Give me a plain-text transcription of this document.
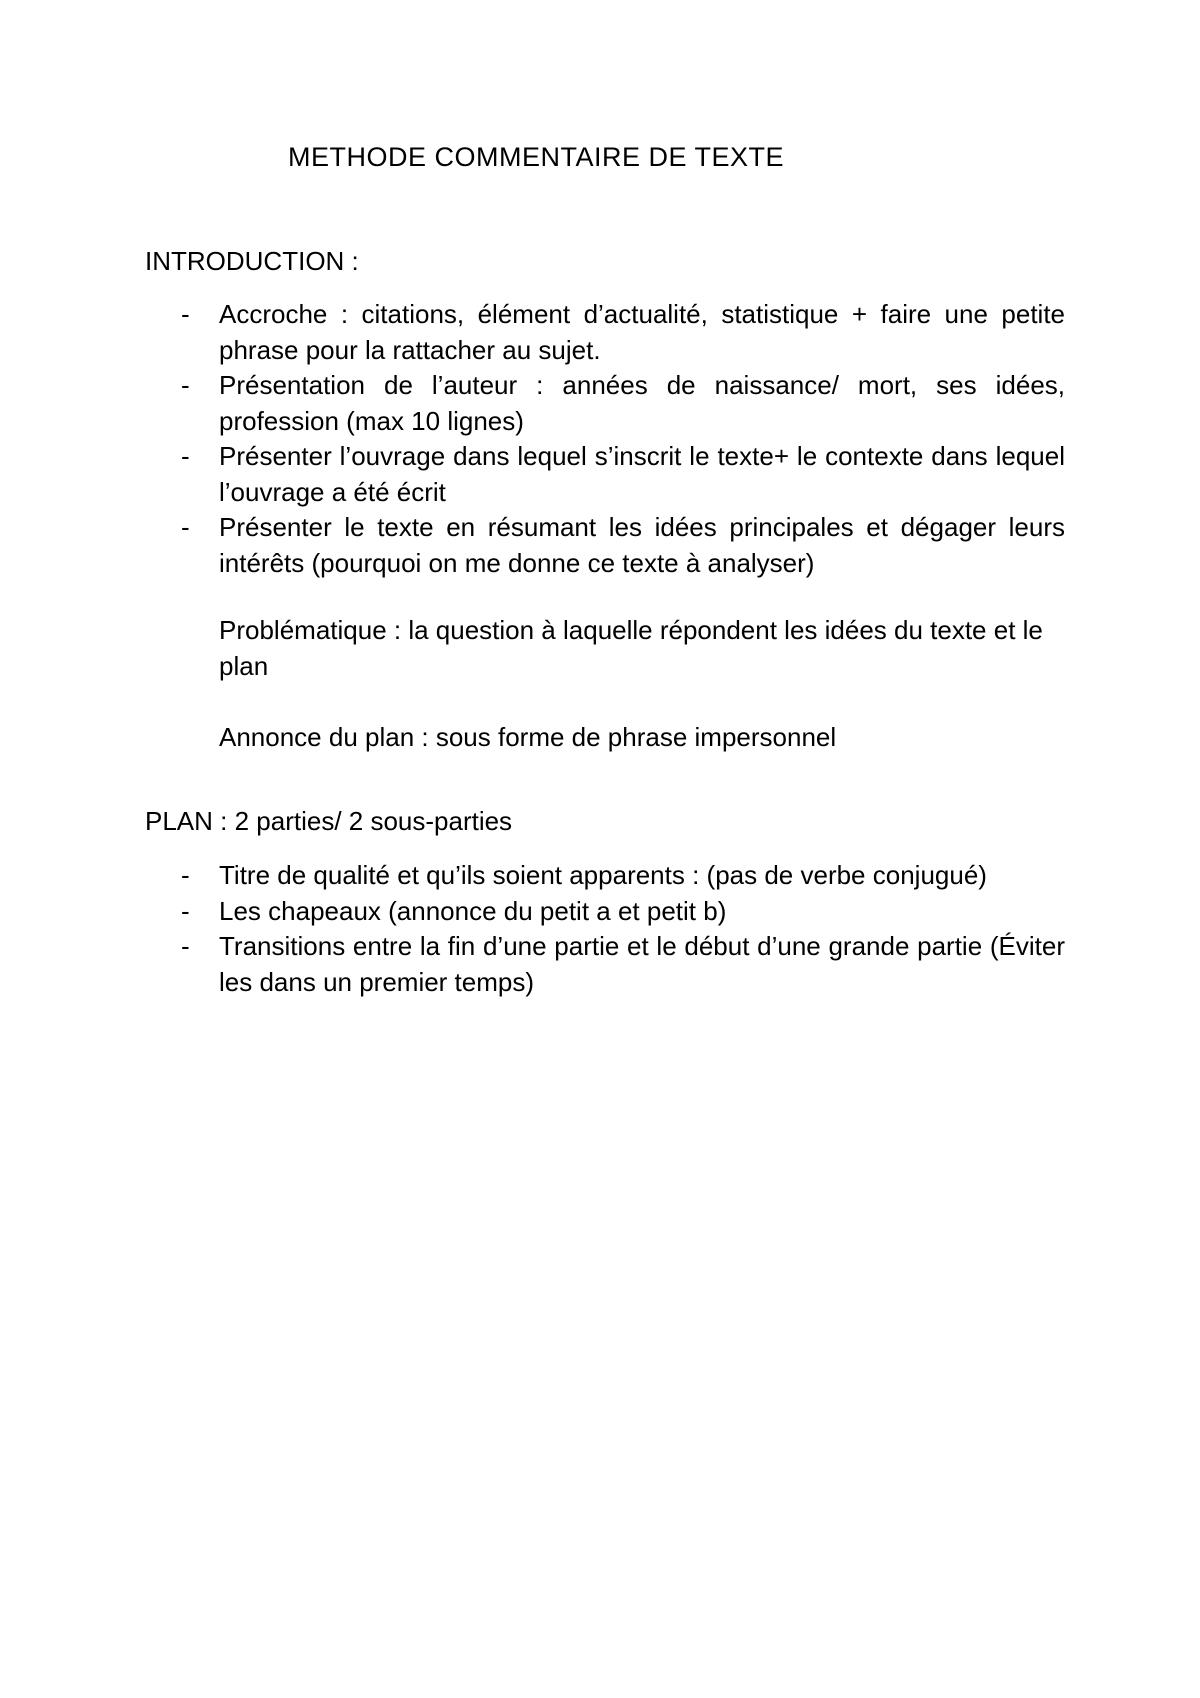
METHODE COMMENTAIRE DE TEXTE
INTRODUCTION :
- Accroche : citations, élément d’actualité, statistique + faire une petite phrase pour la rattacher au sujet.
- Présentation de l’auteur : années de naissance/ mort, ses idées, profession (max 10 lignes)
- Présenter l’ouvrage dans lequel s’inscrit le texte+ le contexte dans lequel l’ouvrage a été écrit
- Présenter le texte en résumant les idées principales et dégager leurs intérêts (pourquoi on me donne ce texte à analyser)
Problématique : la question à laquelle répondent les idées du texte et le plan
Annonce du plan : sous forme de phrase impersonnel
PLAN : 2 parties/ 2 sous-parties
- Titre de qualité et qu’ils soient apparents : (pas de verbe conjugué)
- Les chapeaux (annonce du petit a et petit b)
- Transitions entre la fin d’une partie et le début d’une grande partie (Éviter les dans un premier temps)
